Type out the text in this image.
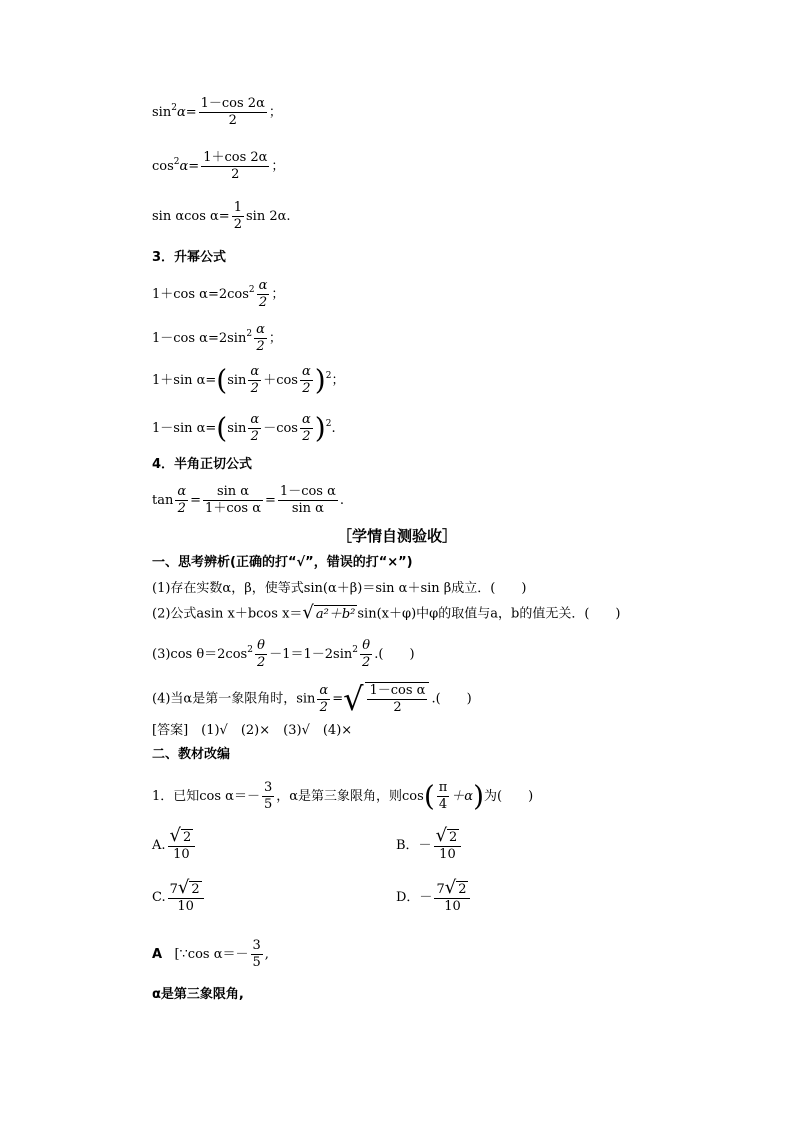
$\sin^2\alpha= \frac{1-\cos 2\alpha}{2}$ ；
$\cos^2\alpha= \frac{1+\cos 2\alpha}{2}$ ；
sin αcos $\alpha= \frac{1}{2}$ sin 2α.
3．升幂公式
1＋cos $\alpha=2\cos^2 \frac{\alpha}{2}$ ；
1－cos $\alpha=2\sin^2 \frac{\alpha}{2}$ ；
1＋sin $\alpha=(\sin \frac{\alpha}{2} +\cos \frac{\alpha}{2} )^2$；
1－sin $\alpha=(\sin \frac{\alpha}{2} -\cos \frac{\alpha}{2} )^2$.
4．半角正切公式
$\tan \frac{\alpha}{2} = \frac{\text{sin α}}{\text{1＋cos α}} = \frac{\text{1－cos α}}{\text{sin α}}$ .
［学情自测验收］
一、思考辨析(正确的打“√”，错误的打“×”)
(1)存在实数α，β，使等式sin(α＋β)＝sin α＋sin β成立．(　　)
(2)公式asin x＋bcos x＝√ a²＋b² sin(x＋φ)中φ的取值与a，b的值无关．(　　)
(3)cos $\theta=2\cos^2 \frac{\theta}{2} -1=1-2\sin^2 \frac{\theta}{2}$ .(　　)
(4)当α是第一象限角时，$\sin \frac{\alpha}{2}$ =√ $\frac{\text{1－cos α}}{2}$ .(　　)
[答案]　(1)√　(2)×　(3)√　(4)×
二、教材改编
1．已知$\cos \alpha=- \frac{3}{5}$ ，α是第三象限角，则$\cos( \frac{\pi}{4} +\alpha)$为(　　)
A. $\frac{√ 2}{10}$	B．－ $\frac{√ 2}{10}$
C. $\frac{7√ 2}{10}$	D．－ $\frac{7√ 2}{10}$
A [∵cos $\alpha=- \frac{3}{5}$ ,
α是第三象限角,
